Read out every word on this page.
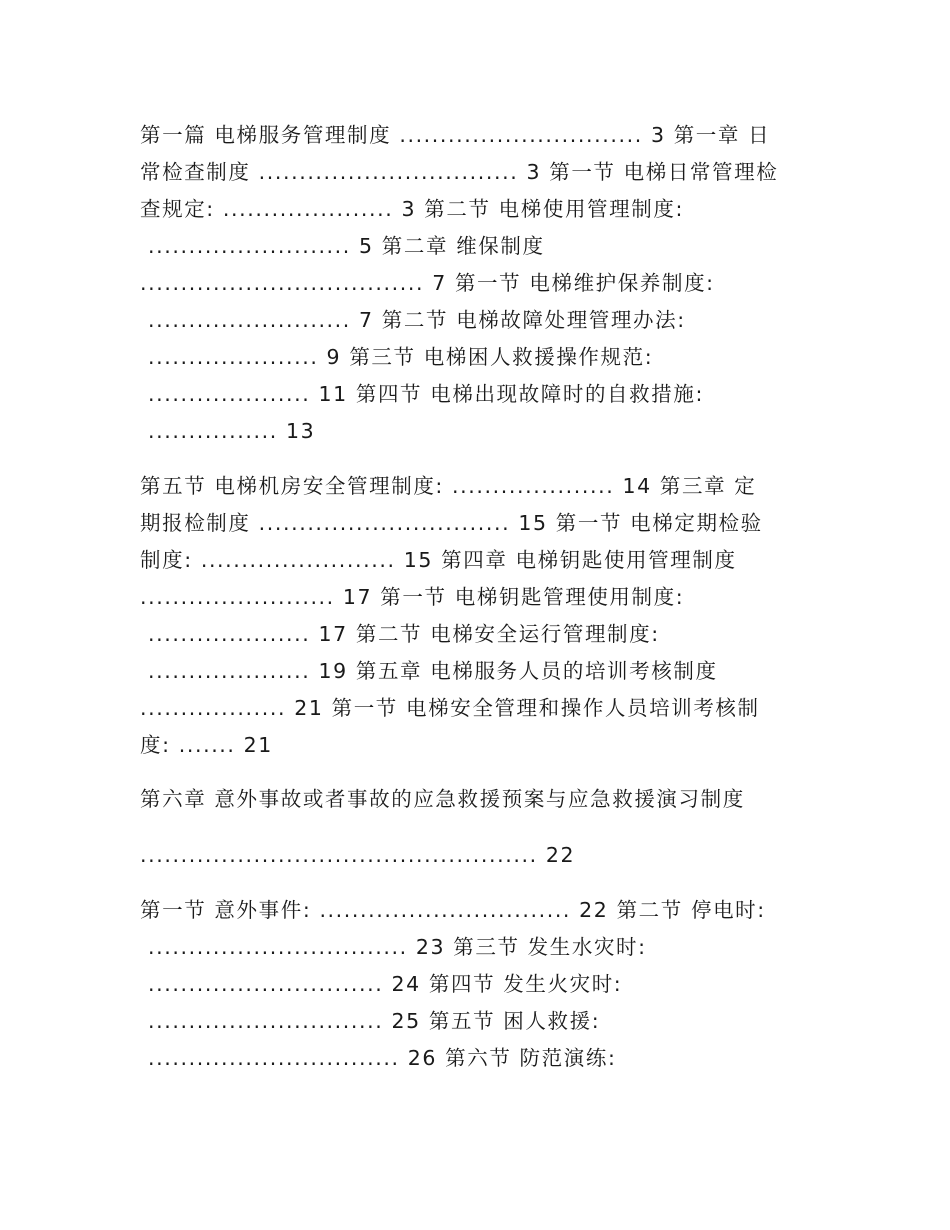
第一篇 电梯服务管理制度 .............................. 3 第一章 日
常检查制度 ................................ 3 第一节 电梯日常管理检
查规定: ..................... 3 第二节 电梯使用管理制度:
......................... 5 第二章 维保制度
................................... 7 第一节 电梯维护保养制度:
......................... 7 第二节 电梯故障处理管理办法:
..................... 9 第三节 电梯困人救援操作规范:
.................... 11 第四节 电梯出现故障时的自救措施:
................ 13
第五节 电梯机房安全管理制度: .................... 14 第三章 定
期报检制度 ............................... 15 第一节 电梯定期检验
制度: ........................ 15 第四章 电梯钥匙使用管理制度
........................ 17 第一节 电梯钥匙管理使用制度:
.................... 17 第二节 电梯安全运行管理制度:
.................... 19 第五章 电梯服务人员的培训考核制度
.................. 21 第一节 电梯安全管理和操作人员培训考核制
度: ....... 21
第六章 意外事故或者事故的应急救援预案与应急救援演习制度
................................................. 22
第一节 意外事件: ............................... 22 第二节 停电时:
................................ 23 第三节 发生水灾时:
............................. 24 第四节 发生火灾时:
............................. 25 第五节 困人救援:
............................... 26 第六节 防范演练:
